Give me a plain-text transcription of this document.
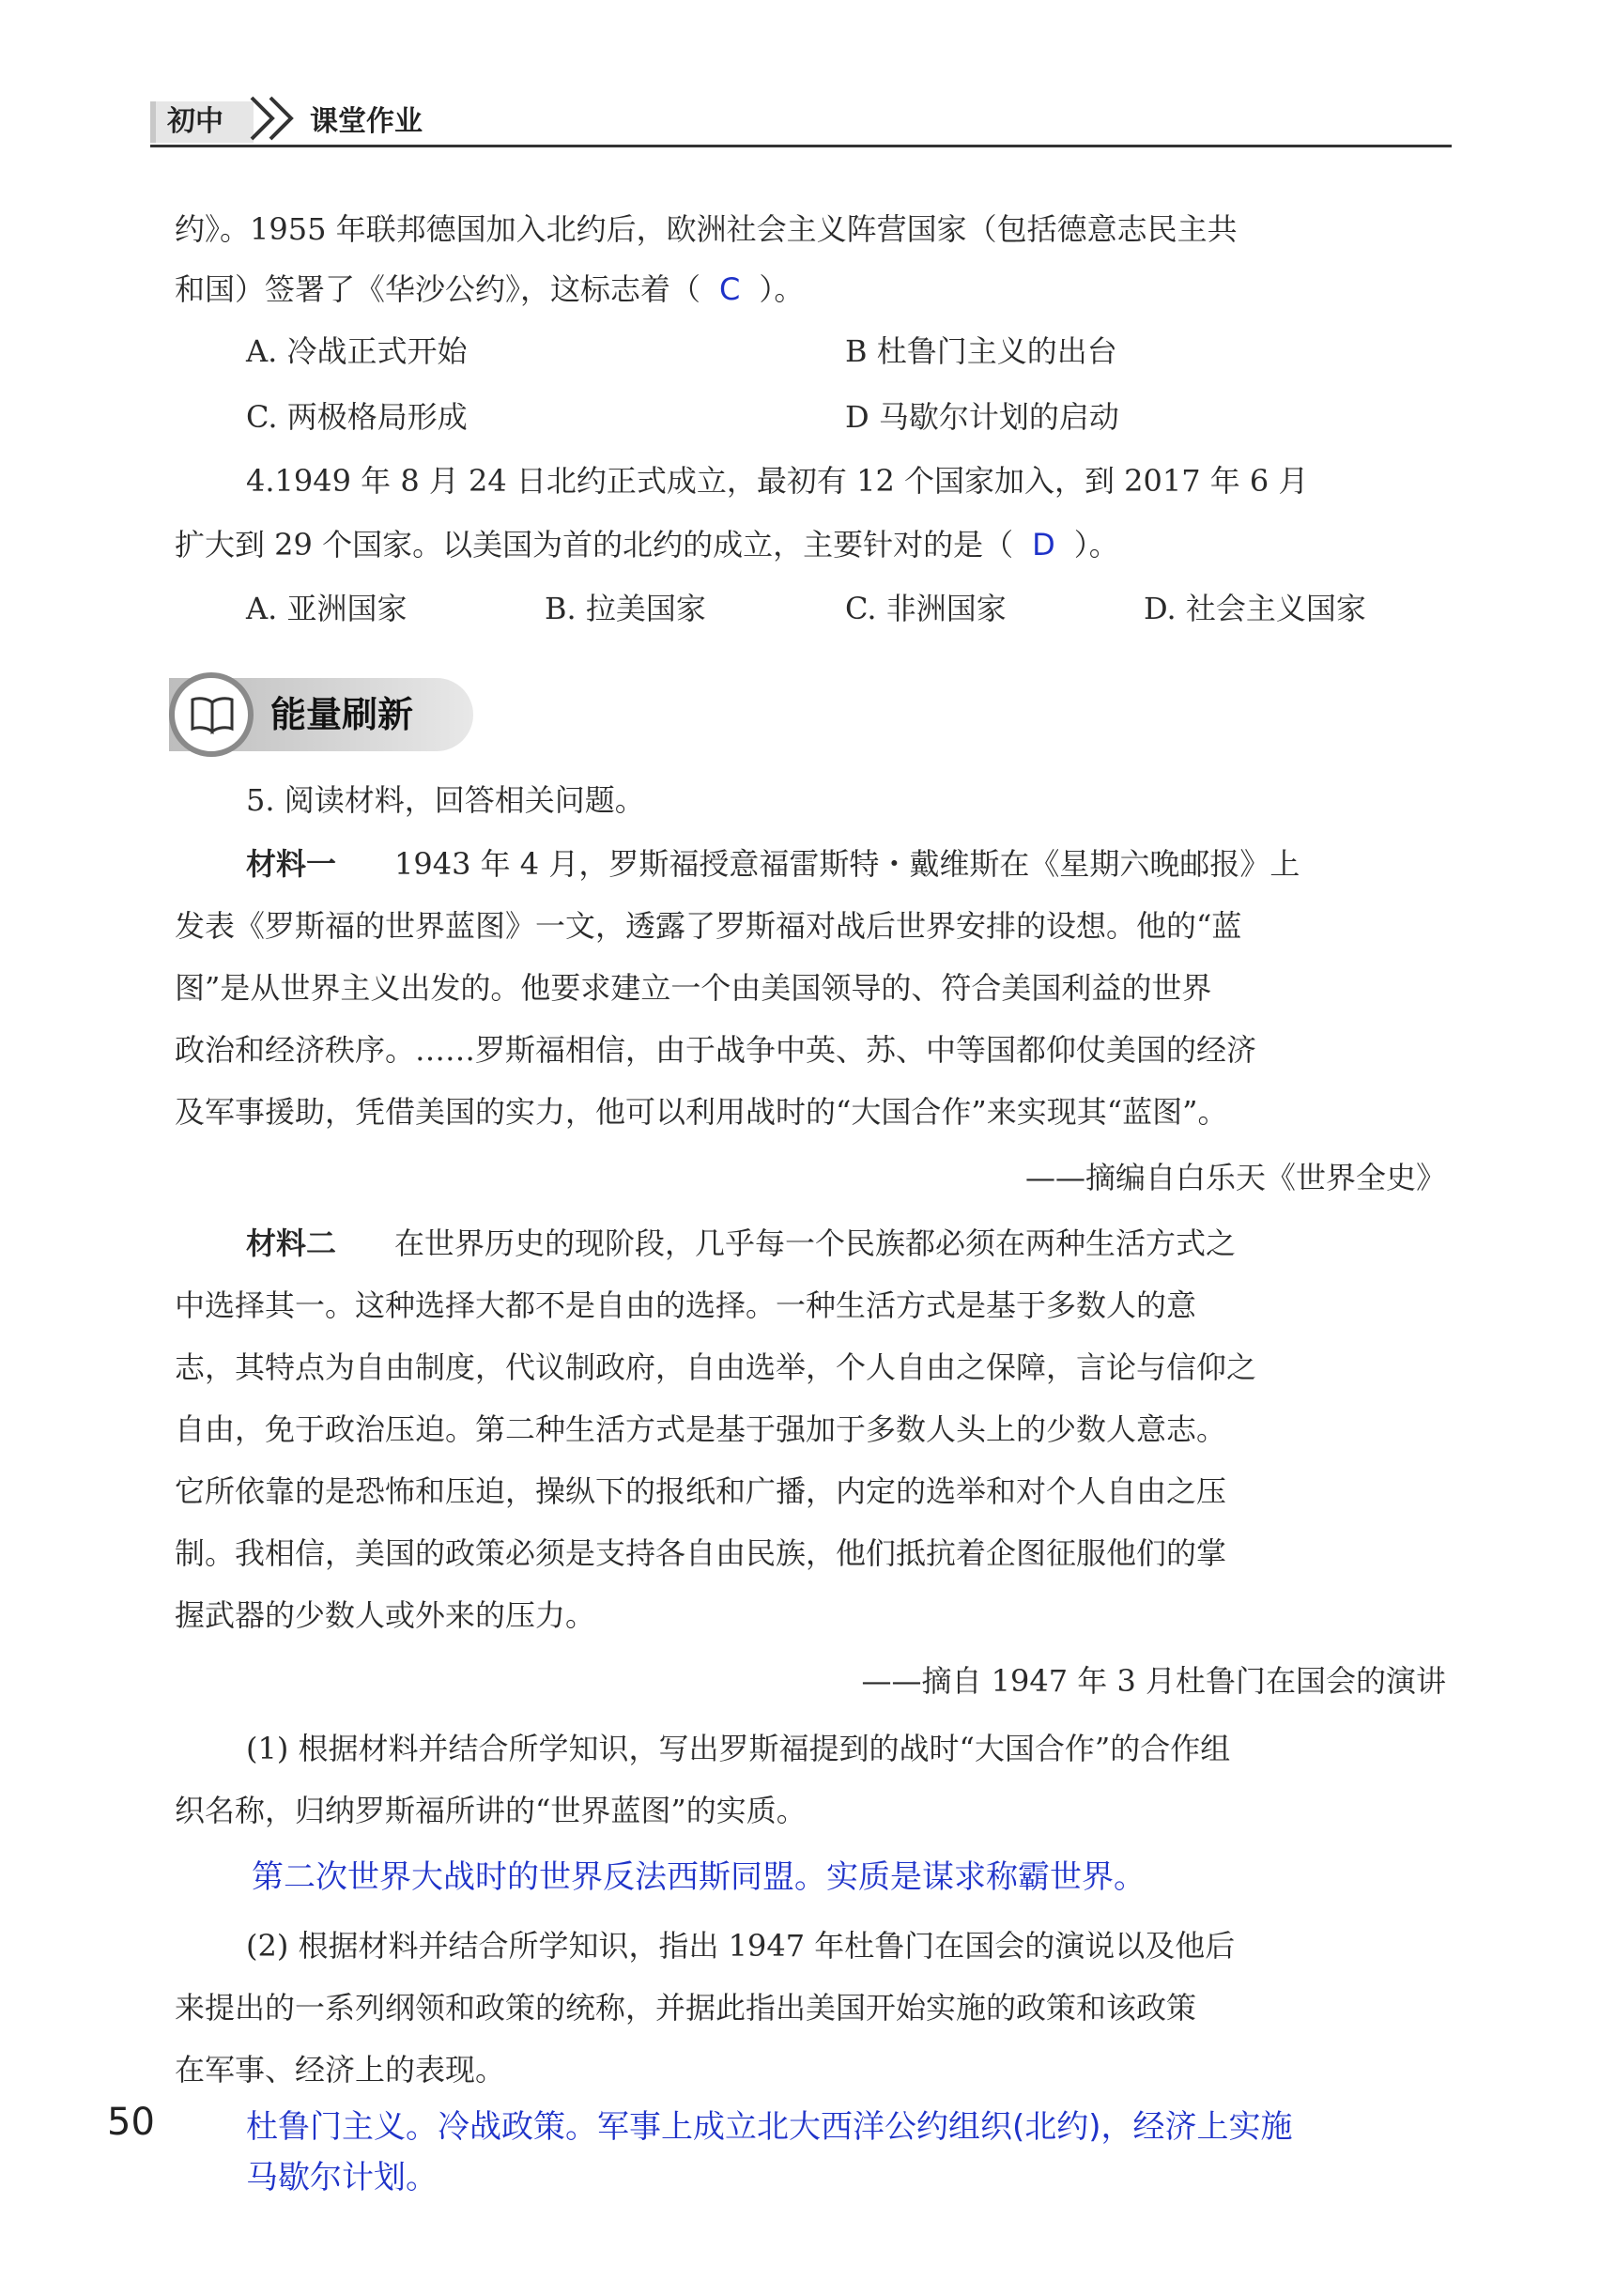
初中	课堂作业
约》。1955 年联邦德国加入北约后，欧洲社会主义阵营国家（包括德意志民主共
和国）签署了《华沙公约》，这标志着（ C ）。
A. 冷战正式开始	B 杜鲁门主义的出台
C. 两极格局形成	D 马歇尔计划的启动
4.1949 年 8 月 24 日北约正式成立，最初有 12 个国家加入，到 2017 年 6 月
扩大到 29 个国家。以美国为首的北约的成立，主要针对的是（ D ）。
A. 亚洲国家	B. 拉美国家	C. 非洲国家	D. 社会主义国家
能量刷新
5. 阅读材料，回答相关问题。
材料一 1943 年 4 月，罗斯福授意福雷斯特・戴维斯在《星期六晚邮报》上
发表《罗斯福的世界蓝图》一文，透露了罗斯福对战后世界安排的设想。他的“蓝
图”是从世界主义出发的。他要求建立一个由美国领导的、符合美国利益的世界
政治和经济秩序。……罗斯福相信，由于战争中英、苏、中等国都仰仗美国的经济
及军事援助，凭借美国的实力，他可以利用战时的“大国合作”来实现其“蓝图”。
——摘编自白乐天《世界全史》
材料二 在世界历史的现阶段，几乎每一个民族都必须在两种生活方式之
中选择其一。这种选择大都不是自由的选择。一种生活方式是基于多数人的意
志，其特点为自由制度，代议制政府，自由选举，个人自由之保障，言论与信仰之
自由，免于政治压迫。第二种生活方式是基于强加于多数人头上的少数人意志。
它所依靠的是恐怖和压迫，操纵下的报纸和广播，内定的选举和对个人自由之压
制。我相信，美国的政策必须是支持各自由民族，他们抵抗着企图征服他们的掌
握武器的少数人或外来的压力。
——摘自 1947 年 3 月杜鲁门在国会的演讲
(1) 根据材料并结合所学知识，写出罗斯福提到的战时“大国合作”的合作组
织名称，归纳罗斯福所讲的“世界蓝图”的实质。
第二次世界大战时的世界反法西斯同盟。实质是谋求称霸世界。
(2) 根据材料并结合所学知识，指出 1947 年杜鲁门在国会的演说以及他后
来提出的一系列纲领和政策的统称，并据此指出美国开始实施的政策和该政策
在军事、经济上的表现。
杜鲁门主义。冷战政策。军事上成立北大西洋公约组织(北约)，经济上实施
马歇尔计划。
50
